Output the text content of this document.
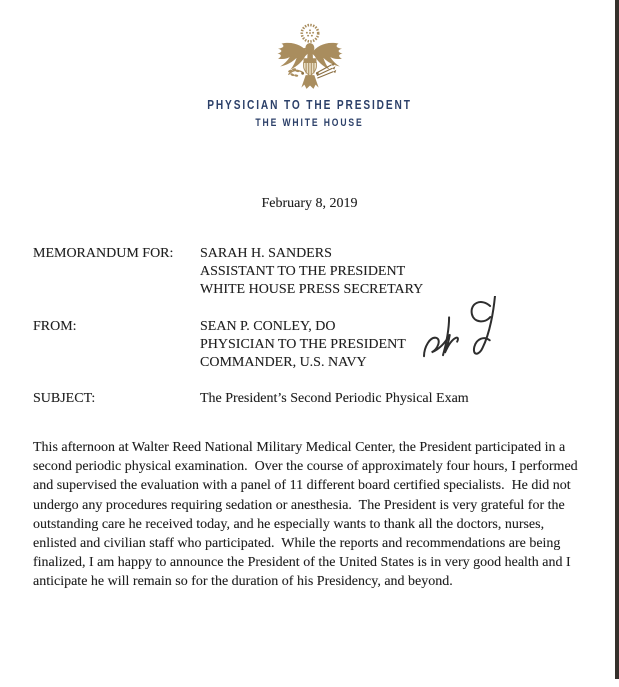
PHYSICIAN TO THE PRESIDENT
THE WHITE HOUSE
February 8, 2019
MEMORANDUM FOR:	SARAH H. SANDERS
ASSISTANT TO THE PRESIDENT
WHITE HOUSE PRESS SECRETARY
FROM:	SEAN P. CONLEY, DO
PHYSICIAN TO THE PRESIDENT
COMMANDER, U.S. NAVY
SUBJECT:	The President’s Second Periodic Physical Exam
This afternoon at Walter Reed National Military Medical Center, the President participated in a
second periodic physical examination.  Over the course of approximately four hours, I performed
and supervised the evaluation with a panel of 11 different board certified specialists.  He did not
undergo any procedures requiring sedation or anesthesia.  The President is very grateful for the
outstanding care he received today, and he especially wants to thank all the doctors, nurses,
enlisted and civilian staff who participated.  While the reports and recommendations are being
finalized, I am happy to announce the President of the United States is in very good health and I
anticipate he will remain so for the duration of his Presidency, and beyond.
